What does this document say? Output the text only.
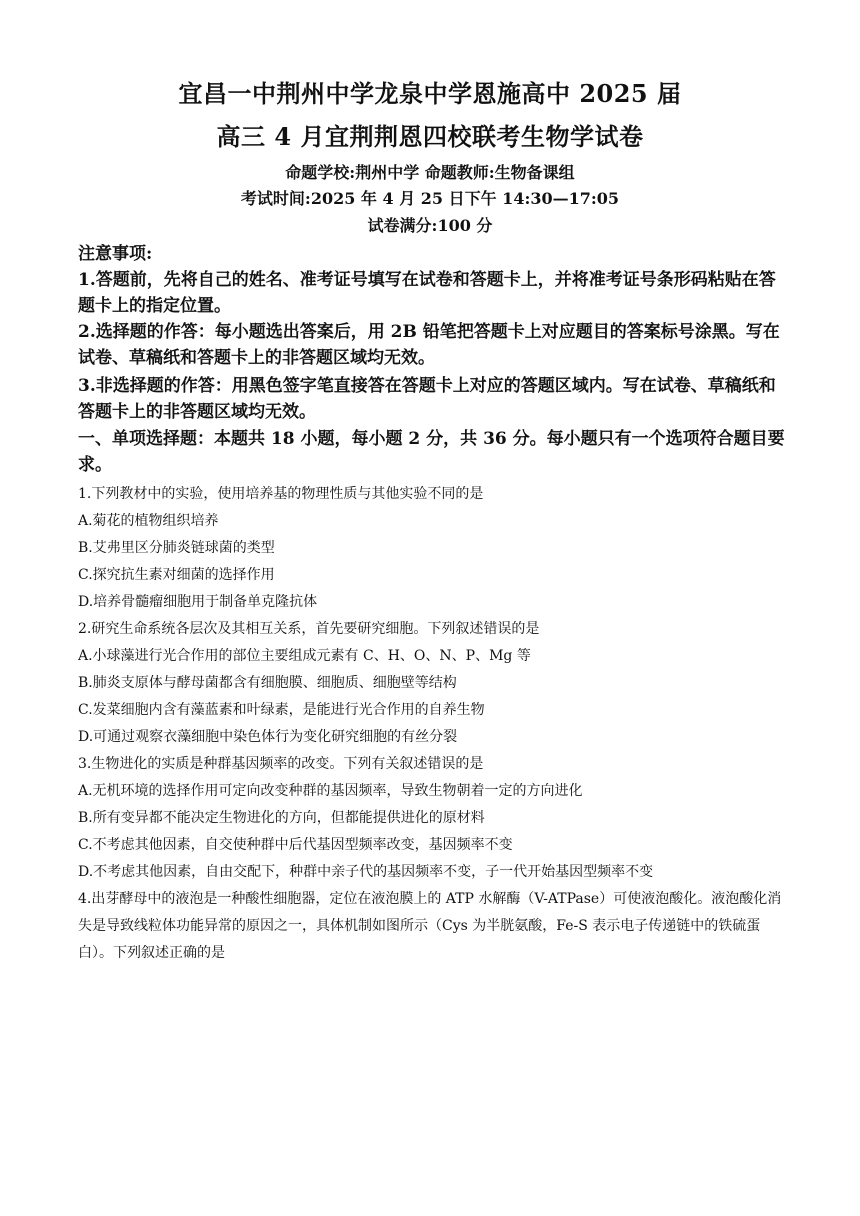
宜昌一中荆州中学龙泉中学恩施高中 2025 届
高三 4 月宜荆荆恩四校联考生物学试卷
命题学校:荆州中学 命题教师:生物备课组
考试时间:2025 年 4 月 25 日下午 14:30—17:05
试卷满分:100 分
注意事项:
1.答题前，先将自己的姓名、准考证号填写在试卷和答题卡上，并将准考证号条形码粘贴在答题卡上的指定位置。
2.选择题的作答：每小题选出答案后，用 2B 铅笔把答题卡上对应题目的答案标号涂黑。写在试卷、草稿纸和答题卡上的非答题区域均无效。
3.非选择题的作答：用黑色签字笔直接答在答题卡上对应的答题区域内。写在试卷、草稿纸和答题卡上的非答题区域均无效。
一、单项选择题：本题共 18 小题，每小题 2 分，共 36 分。每小题只有一个选项符合题目要求。
1.下列教材中的实验，使用培养基的物理性质与其他实验不同的是
A.菊花的植物组织培养
B.艾弗里区分肺炎链球菌的类型
C.探究抗生素对细菌的选择作用
D.培养骨髓瘤细胞用于制备单克隆抗体
2.研究生命系统各层次及其相互关系，首先要研究细胞。下列叙述错误的是
A.小球藻进行光合作用的部位主要组成元素有 C、H、O、N、P、Mg 等
B.肺炎支原体与酵母菌都含有细胞膜、细胞质、细胞壁等结构
C.发菜细胞内含有藻蓝素和叶绿素，是能进行光合作用的自养生物
D.可通过观察衣藻细胞中染色体行为变化研究细胞的有丝分裂
3.生物进化的实质是种群基因频率的改变。下列有关叙述错误的是
A.无机环境的选择作用可定向改变种群的基因频率，导致生物朝着一定的方向进化
B.所有变异都不能决定生物进化的方向，但都能提供进化的原材料
C.不考虑其他因素，自交使种群中后代基因型频率改变，基因频率不变
D.不考虑其他因素，自由交配下，种群中亲子代的基因频率不变，子一代开始基因型频率不变
4.出芽酵母中的液泡是一种酸性细胞器，定位在液泡膜上的 ATP 水解酶（V-ATPase）可使液泡酸化。液泡酸化消失是导致线粒体功能异常的原因之一，具体机制如图所示（Cys 为半胱氨酸，Fe-S 表示电子传递链中的铁硫蛋白）。下列叙述正确的是
